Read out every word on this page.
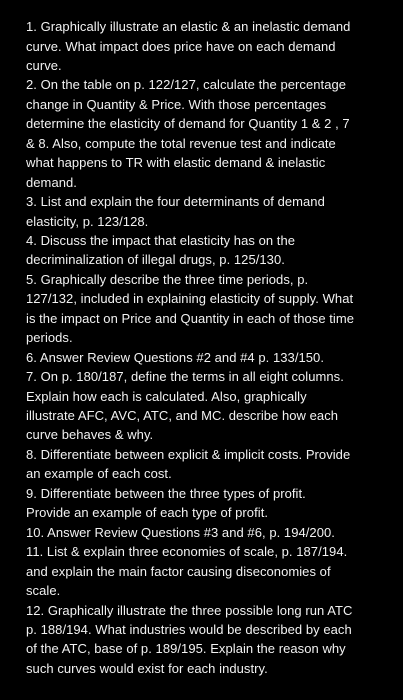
1. Graphically illustrate an elastic & an inelastic demand
curve. What impact does price have on each demand
curve.
2. On the table on p. 122/127, calculate the percentage
change in Quantity & Price. With those percentages
determine the elasticity of demand for Quantity 1 & 2 , 7
& 8. Also, compute the total revenue test and indicate
what happens to TR with elastic demand & inelastic
demand.
3. List and explain the four determinants of demand
elasticity, p. 123/128.
4. Discuss the impact that elasticity has on the
decriminalization of illegal drugs, p. 125/130.
5. Graphically describe the three time periods, p.
127/132, included in explaining elasticity of supply. What
is the impact on Price and Quantity in each of those time
periods.
6. Answer Review Questions #2 and #4 p. 133/150.
7. On p. 180/187, define the terms in all eight columns.
Explain how each is calculated. Also, graphically
illustrate AFC, AVC, ATC, and MC. describe how each
curve behaves & why.
8. Differentiate between explicit & implicit costs. Provide
an example of each cost.
9. Differentiate between the three types of profit.
Provide an example of each type of profit.
10. Answer Review Questions #3 and #6, p. 194/200.
11. List & explain three economies of scale, p. 187/194.
and explain the main factor causing diseconomies of
scale.
12. Graphically illustrate the three possible long run ATC
p. 188/194. What industries would be described by each
of the ATC, base of p. 189/195. Explain the reason why
such curves would exist for each industry.
